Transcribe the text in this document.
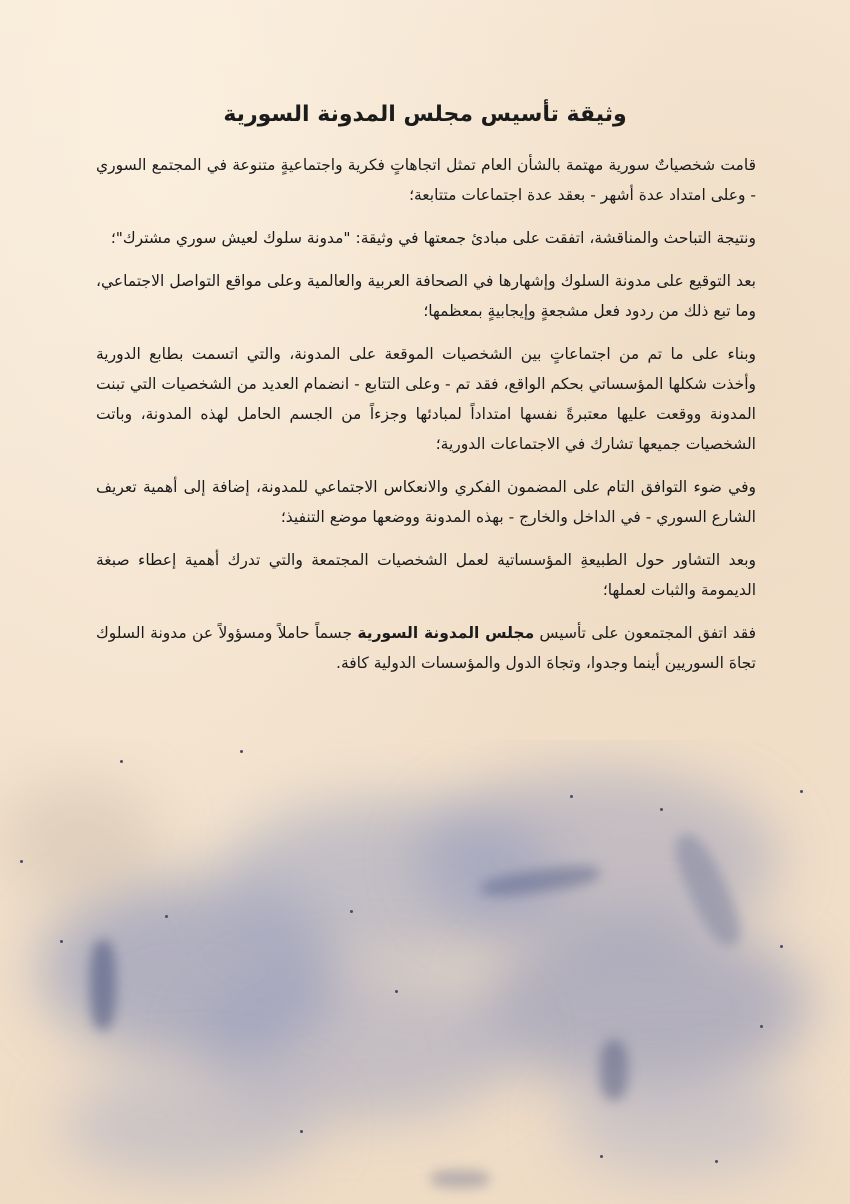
وثيقة تأسيس مجلس المدونة السورية

قامت شخصياتٌ سورية مهتمة بالشأن العام تمثل اتجاهاتٍ فكرية واجتماعيةٍ متنوعة في المجتمع السوري - وعلى امتداد عدة أشهر - بعقد عدة اجتماعات متتابعة؛

ونتيجة التباحث والمناقشة، اتفقت على مبادئ جمعتها في وثيقة: "مدونة سلوك لعيش سوري مشترك"؛

بعد التوقيع على مدونة السلوك وإشهارها في الصحافة العربية والعالمية وعلى مواقع التواصل الاجتماعي، وما تبع ذلك من ردود فعل مشجعةٍ وإيجابيةٍ بمعظمها؛

وبناء على ما تم من اجتماعاتٍ بين الشخصيات الموقعة على المدونة، والتي اتسمت بطابع الدورية وأخذت شكلها المؤسساتي بحكم الواقع، فقد تم - وعلى التتابع - انضمام العديد من الشخصيات التي تبنت المدونة ووقعت عليها معتبرةً نفسها امتداداً لمبادئها وجزءاً من الجسم الحامل لهذه المدونة، وباتت الشخصيات جميعها تشارك في الاجتماعات الدورية؛

وفي ضوء التوافق التام على المضمون الفكري والانعكاس الاجتماعي للمدونة، إضافة إلى أهمية تعريف الشارع السوري - في الداخل والخارج - بهذه المدونة ووضعها موضع التنفيذ؛

وبعد التشاور حول الطبيعةِ المؤسساتية لعمل الشخصيات المجتمعة والتي تدرك أهمية إعطاء صبغة الديمومة والثبات لعملها؛

فقد اتفق المجتمعون على تأسيس مجلس المدونة السورية جسماً حاملاً ومسؤولاً عن مدونة السلوك تجاهَ السوريين أينما وجدوا، وتجاهَ الدول والمؤسسات الدولية كافة.
